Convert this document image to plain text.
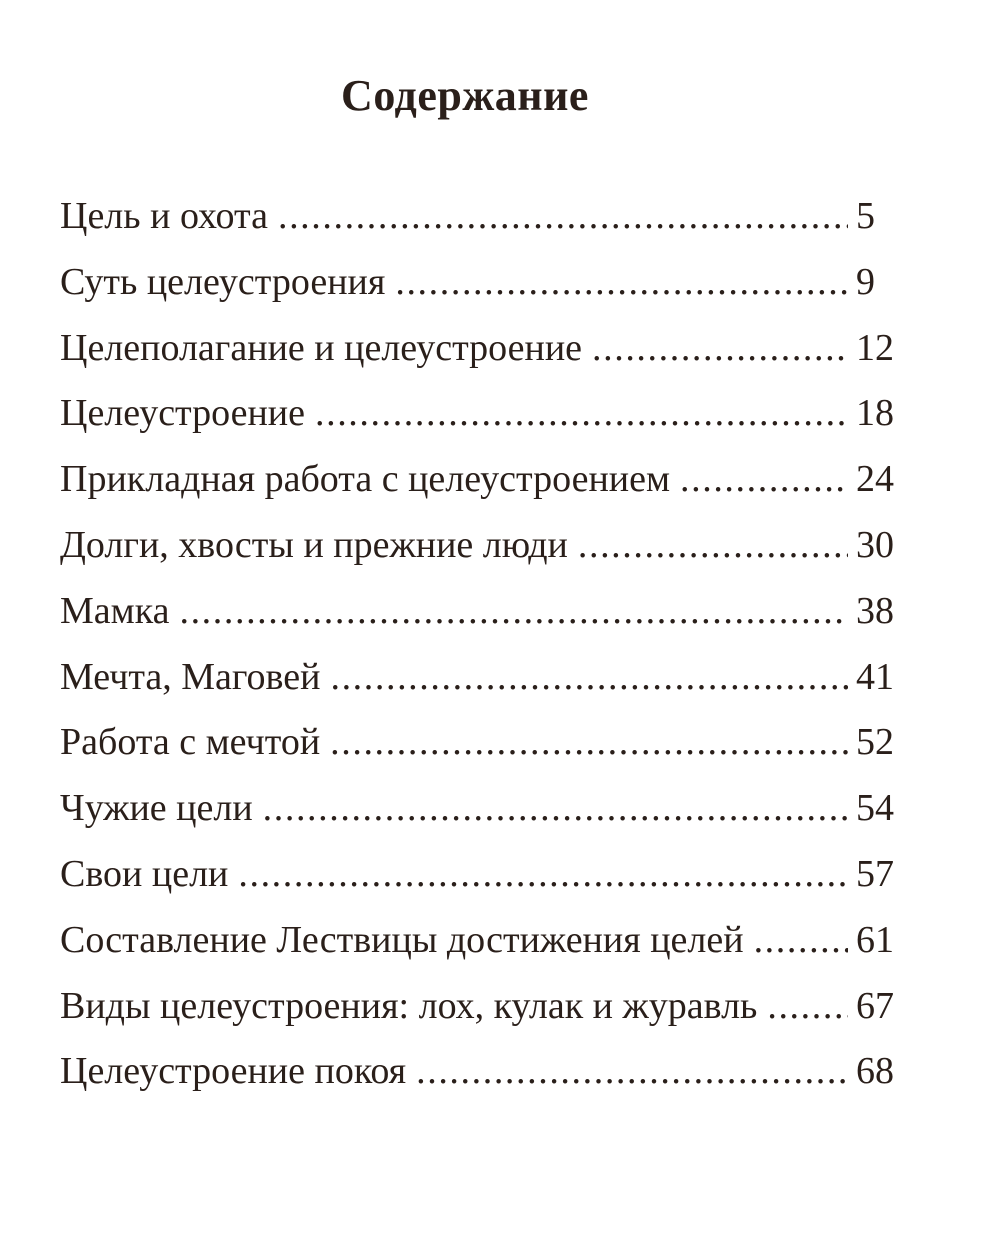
Содержание
Цель и охота .....	5
Суть целеустроения .....	9
Целеполагание и целеустроение .....	12
Целеустроение .....	18
Прикладная работа с целеустроением .....	24
Долги, хвосты и прежние люди .....	30
Мамка .....	38
Мечта, Маговей .....	41
Работа с мечтой .....	52
Чужие цели .....	54
Свои цели .....	57
Составление Лествицы достижения целей .....	61
Виды целеустроения: лох, кулак и журавль .....	67
Целеустроение покоя .....	68
